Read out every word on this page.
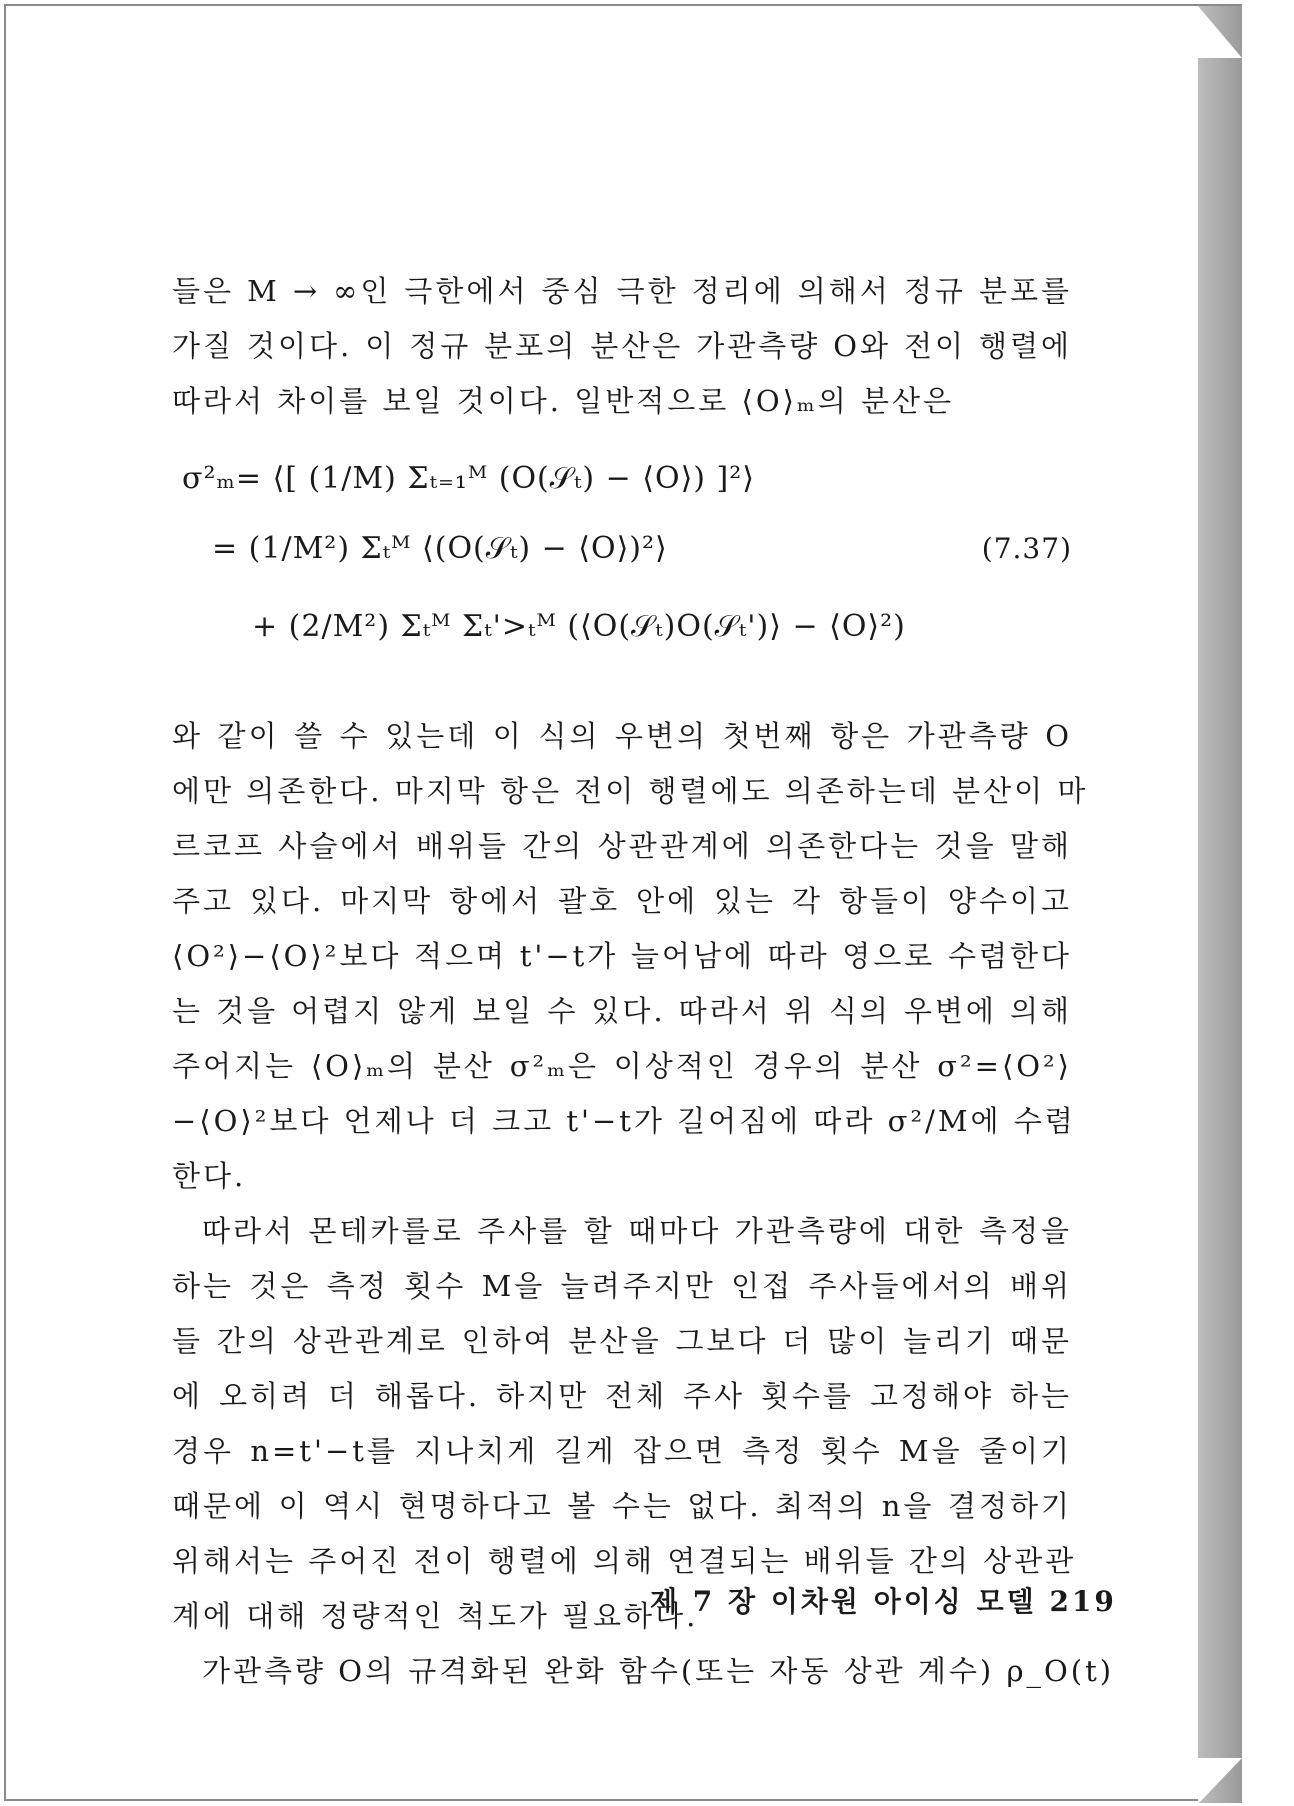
들은 M → ∞인 극한에서 중심 극한 정리에 의해서 정규 분포를
가질 것이다. 이 정규 분포의 분산은 가관측량 O와 전이 행렬에
따라서 차이를 보일 것이다. 일반적으로 ⟨O⟩ₘ의 분산은
σ²ₘ= ⟨[ (1/M) Σₜ₌₁ᴹ (O(𝒮ₜ) − ⟨O⟩) ]²⟩
= (1/M²) Σₜᴹ ⟨(O(𝒮ₜ) − ⟨O⟩)²⟩
+ (2/M²) Σₜᴹ Σₜ'>ₜᴹ (⟨O(𝒮ₜ)O(𝒮ₜ')⟩ − ⟨O⟩²)
(7.37)
와 같이 쓸 수 있는데 이 식의 우변의 첫번째 항은 가관측량 O
에만 의존한다. 마지막 항은 전이 행렬에도 의존하는데 분산이 마
르코프 사슬에서 배위들 간의 상관관계에 의존한다는 것을 말해
주고 있다. 마지막 항에서 괄호 안에 있는 각 항들이 양수이고
⟨O²⟩−⟨O⟩²보다 적으며 t'−t가 늘어남에 따라 영으로 수렴한다
는 것을 어렵지 않게 보일 수 있다. 따라서 위 식의 우변에 의해
주어지는 ⟨O⟩ₘ의 분산 σ²ₘ은 이상적인 경우의 분산 σ²=⟨O²⟩
−⟨O⟩²보다 언제나 더 크고 t'−t가 길어짐에 따라 σ²/M에 수렴
한다.
따라서 몬테카를로 주사를 할 때마다 가관측량에 대한 측정을
하는 것은 측정 횟수 M을 늘려주지만 인접 주사들에서의 배위
들 간의 상관관계로 인하여 분산을 그보다 더 많이 늘리기 때문
에 오히려 더 해롭다. 하지만 전체 주사 횟수를 고정해야 하는
경우 n=t'−t를 지나치게 길게 잡으면 측정 횟수 M을 줄이기
때문에 이 역시 현명하다고 볼 수는 없다. 최적의 n을 결정하기
위해서는 주어진 전이 행렬에 의해 연결되는 배위들 간의 상관관
계에 대해 정량적인 척도가 필요하다.
가관측량 O의 규격화된 완화 함수(또는 자동 상관 계수) ρ_O(t)
제 7 장 이차원 아이싱 모델 219
